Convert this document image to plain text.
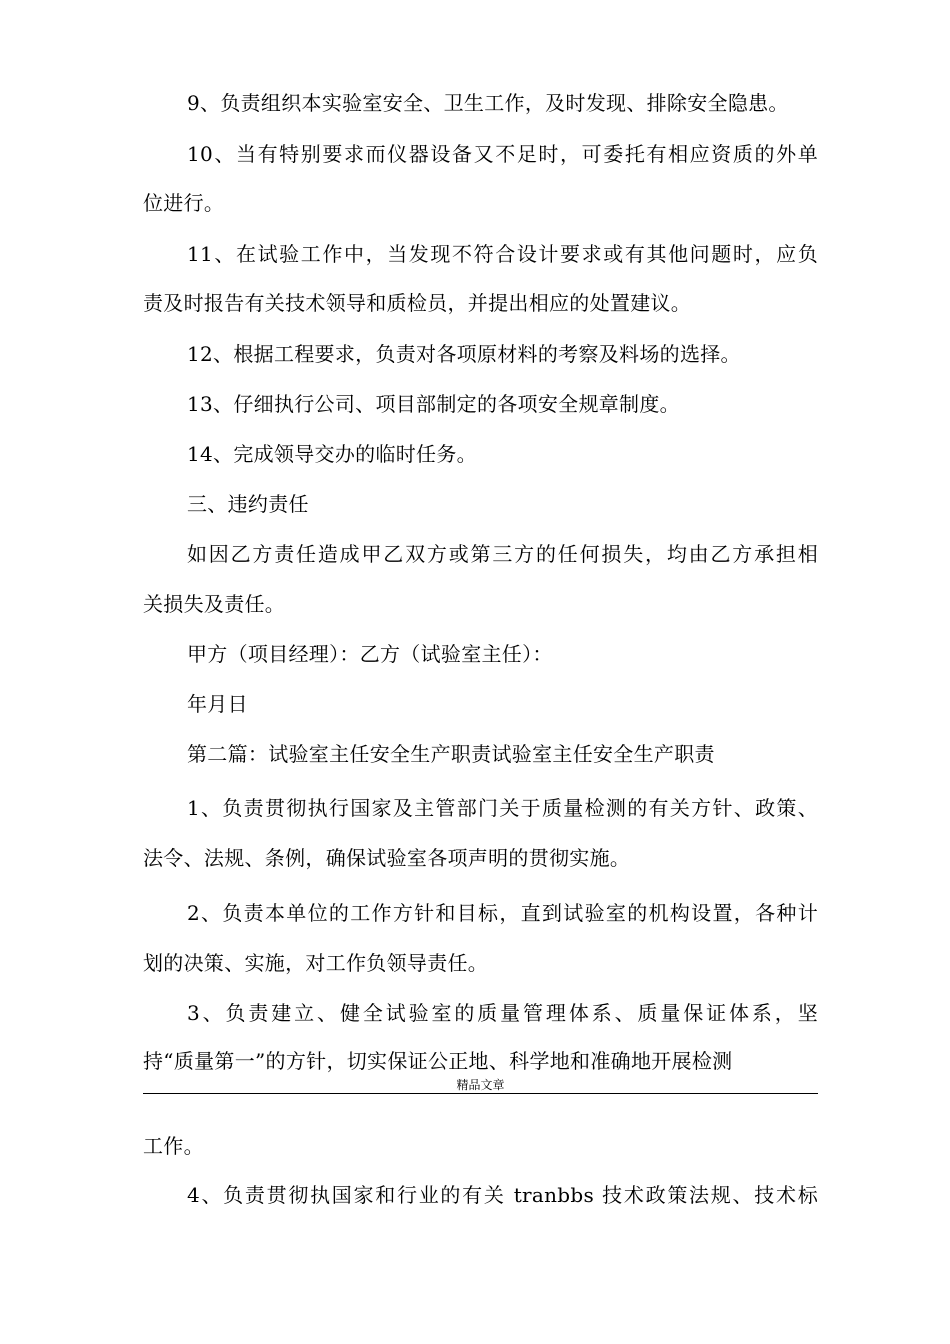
9、负责组织本实验室安全、卫生工作，及时发现、排除安全隐患。
10、当有特别要求而仪器设备又不足时，可委托有相应资质的外单
位进行。
11、在试验工作中，当发现不符合设计要求或有其他问题时，应负
责及时报告有关技术领导和质检员，并提出相应的处置建议。
12、根据工程要求，负责对各项原材料的考察及料场的选择。
13、仔细执行公司、项目部制定的各项安全规章制度。
14、完成领导交办的临时任务。
三、违约责任
如因乙方责任造成甲乙双方或第三方的任何损失，均由乙方承担相
关损失及责任。
甲方（项目经理）：乙方（试验室主任）：
年月日
第二篇：试验室主任安全生产职责试验室主任安全生产职责
1、负责贯彻执行国家及主管部门关于质量检测的有关方针、政策、
法令、法规、条例，确保试验室各项声明的贯彻实施。
2、负责本单位的工作方针和目标，直到试验室的机构设置，各种计
划的决策、实施，对工作负领导责任。
3、负责建立、健全试验室的质量管理体系、质量保证体系，坚
持“质量第一”的方针，切实保证公正地、科学地和准确地开展检测
精品文章
工作。
4、负责贯彻执国家和行业的有关 tranbbs 技术政策法规、技术标
